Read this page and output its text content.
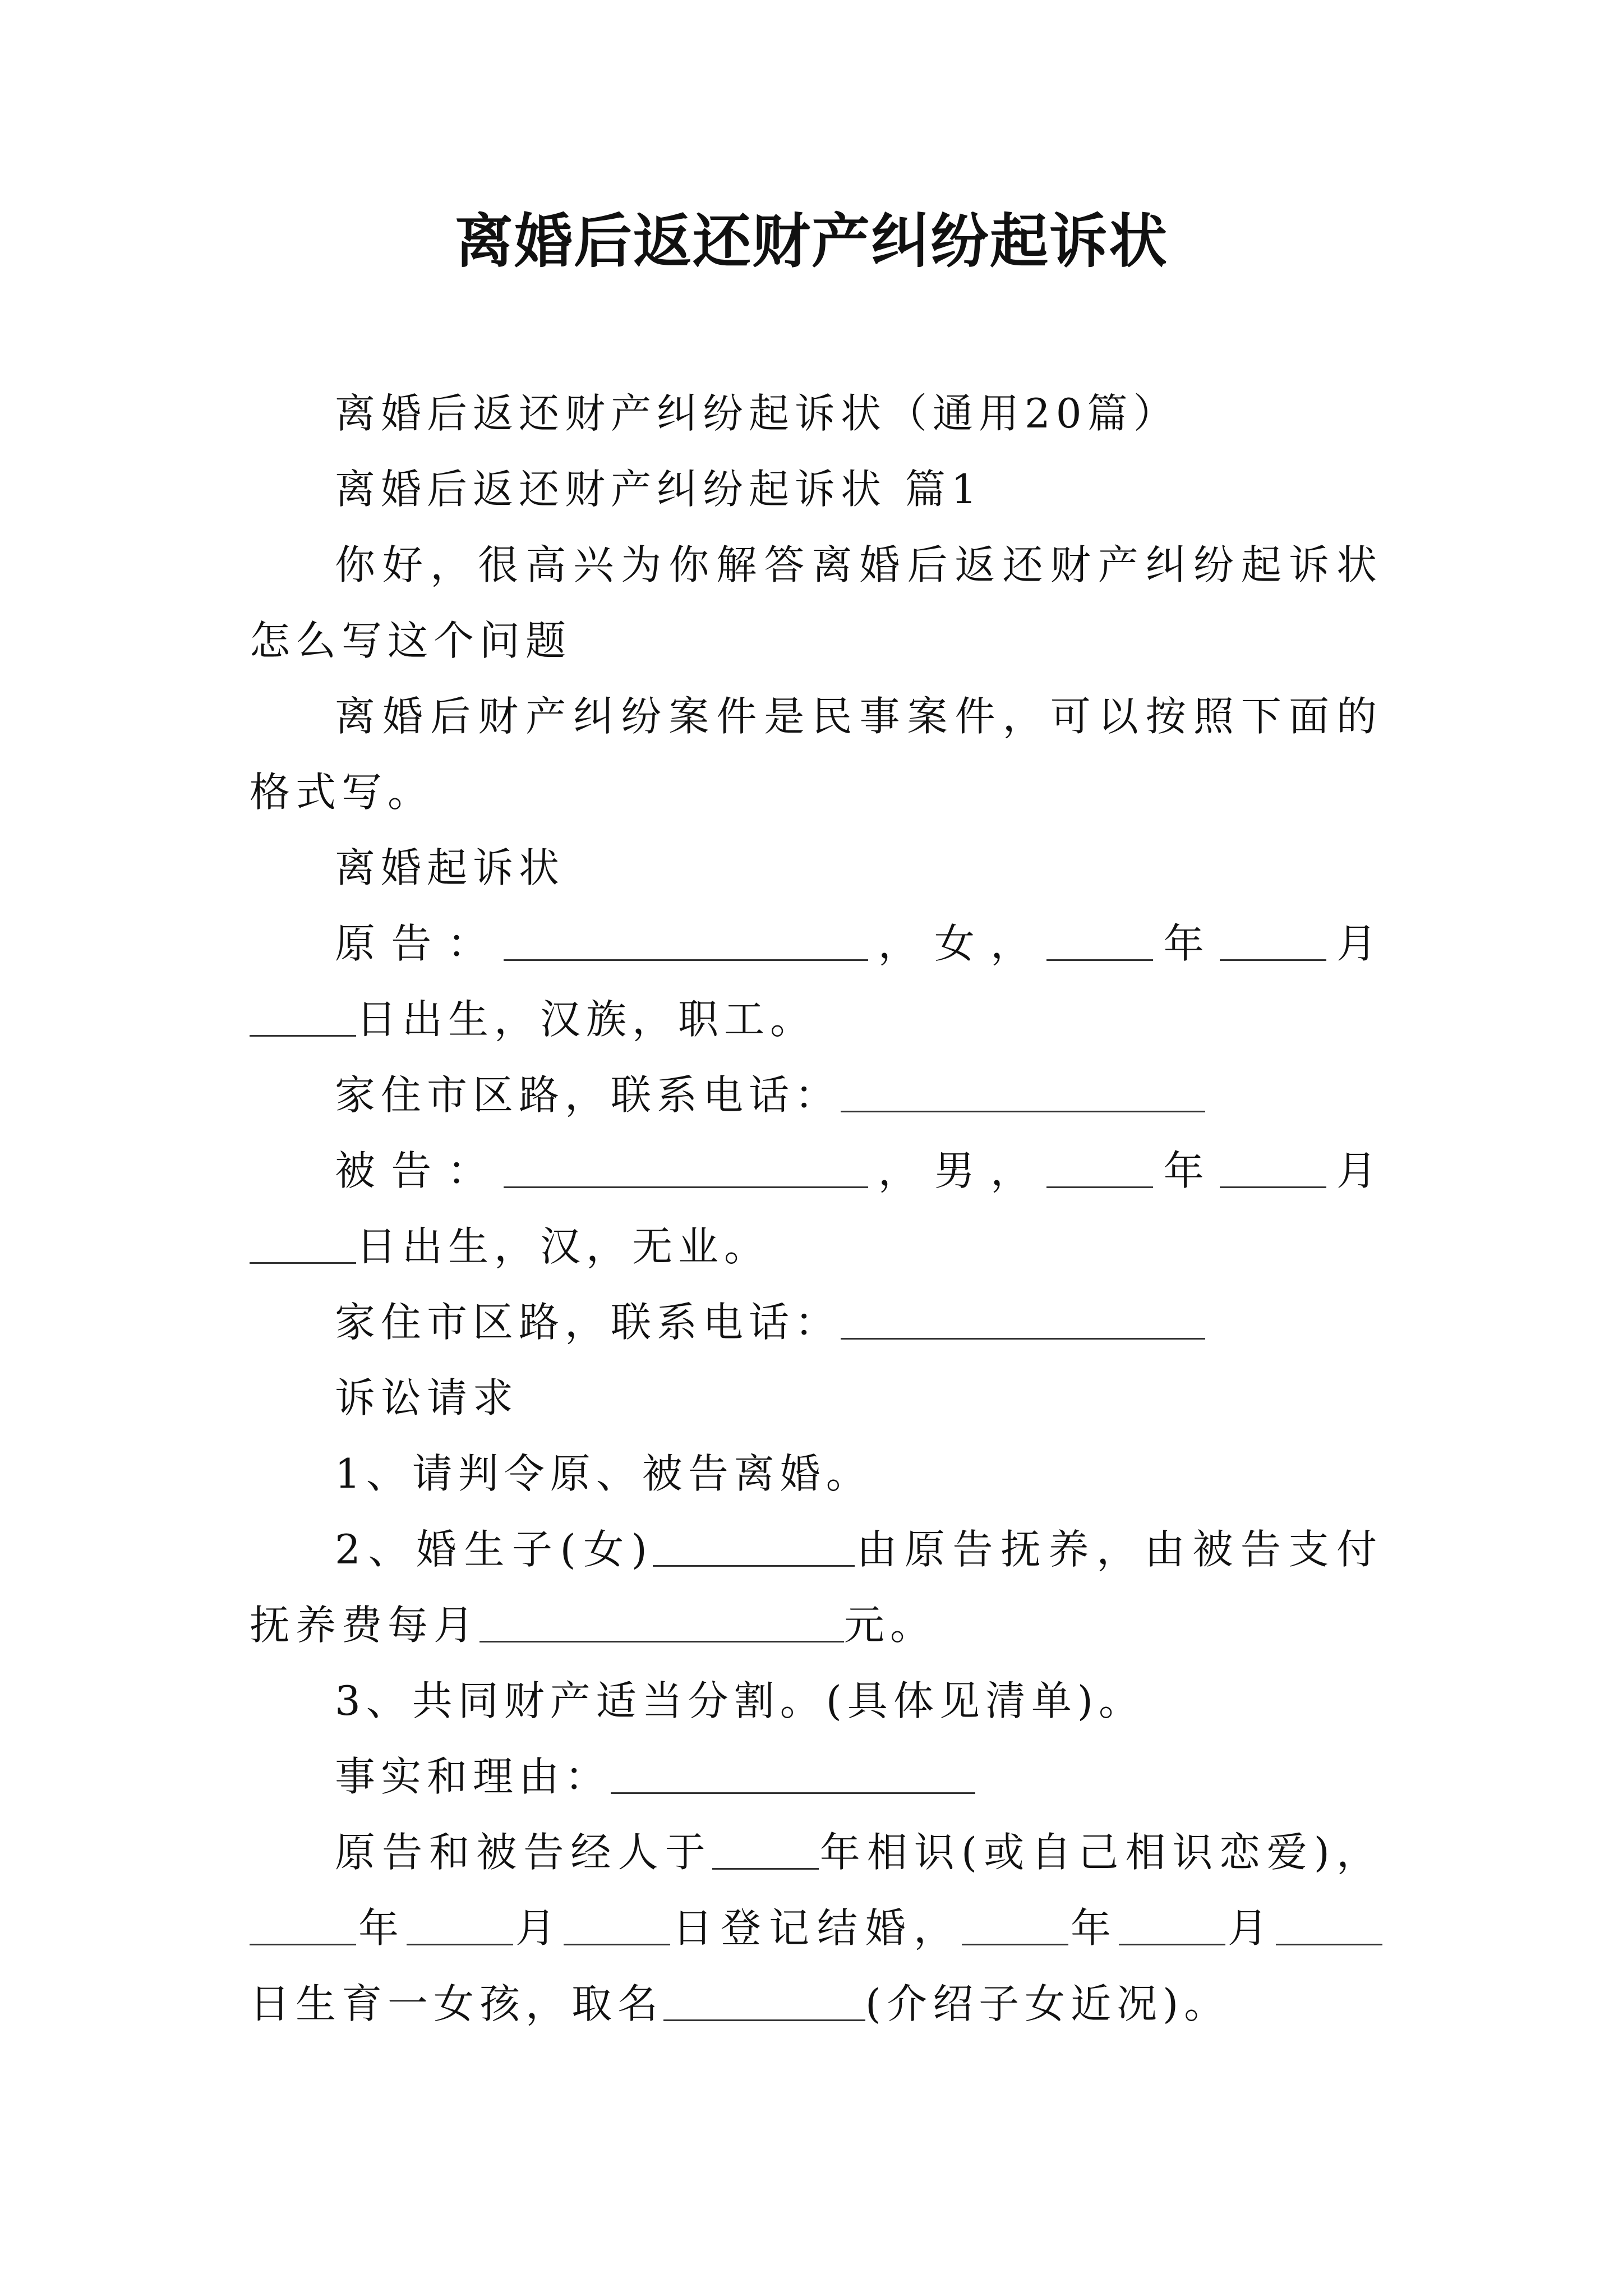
离婚后返还财产纠纷起诉状

离婚后返还财产纠纷起诉状（通用20篇）

离婚后返还财产纠纷起诉状 篇1

你好，很高兴为你解答离婚后返还财产纠纷起诉状怎么写这个问题

离婚后财产纠纷案件是民事案件，可以按照下面的格式写。

离婚起诉状

原告：	，女，	年	月日出生，汉族，职工。

家住市区路，联系电话：

被告：	，男，	年	月日出生，汉，无业。

家住市区路，联系电话：

诉讼请求

1、请判令原、被告离婚。

2、婚生子(女)	由原告抚养，由被告支付抚养费每月	元。

3、共同财产适当分割。(具体见清单)。

事实和理由：

原告和被告经人于	年相识(或自己相识恋爱)，年	月	日登记结婚，	年	月日生育一女孩，取名	(介绍子女近况)。
